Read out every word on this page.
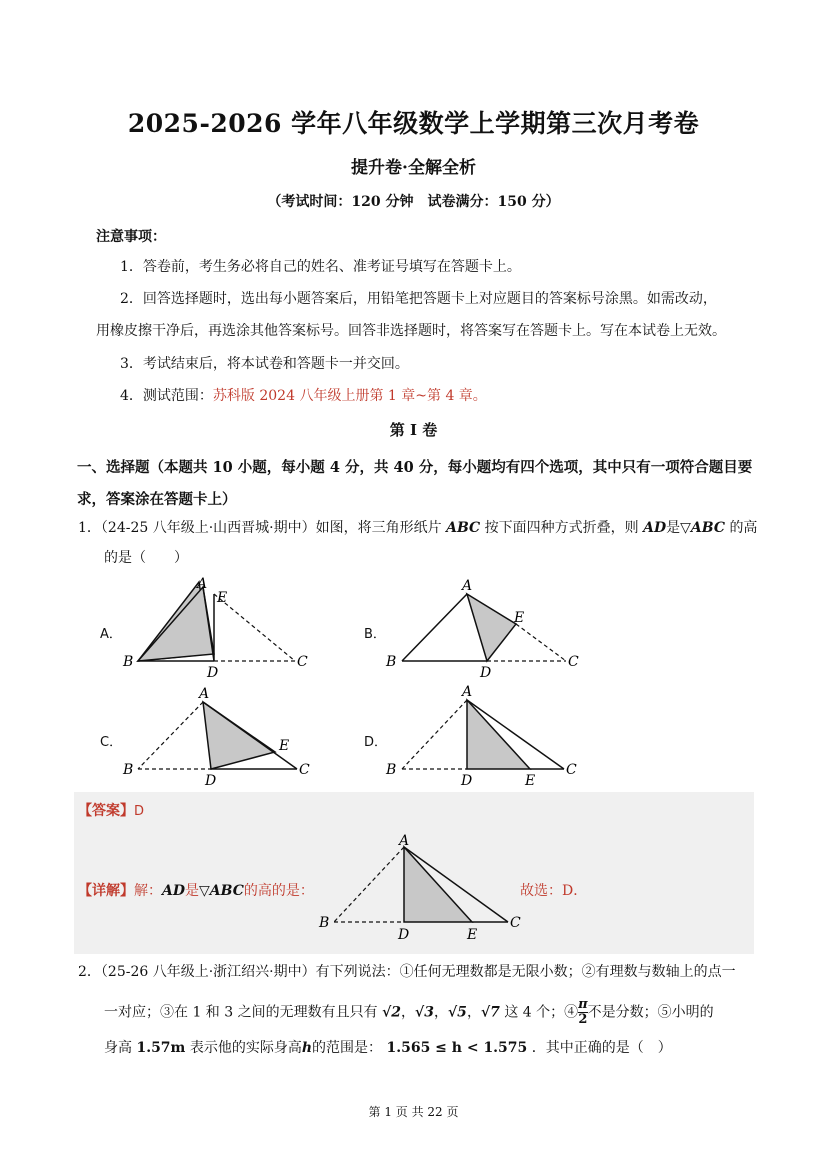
2025-2026 学年八年级数学上学期第三次月考卷
提升卷·全解全析
（考试时间：120 分钟　试卷满分：150 分）
注意事项：
1．答卷前，考生务必将自己的姓名、准考证号填写在答题卡上。
2．回答选择题时，选出每小题答案后，用铅笔把答题卡上对应题目的答案标号涂黑。如需改动，
用橡皮擦干净后，再选涂其他答案标号。回答非选择题时，将答案写在答题卡上。写在本试卷上无效。
3．考试结束后，将本试卷和答题卡一并交回。
4．测试范围：苏科版 2024 八年级上册第 1 章~第 4 章。
第 I 卷
一、选择题（本题共 10 小题，每小题 4 分，共 40 分，每小题均有四个选项，其中只有一项符合题目要求，答案涂在答题卡上）
1．（24-25 八年级上·山西晋城·期中）如图，将三角形纸片 ABC 按下面四种方式折叠，则 AD是▽ABC 的高
的是（　　）
A．	B．
C．	D．
A
E
B
D
C
A
E
B
D
C
A
E
B
D
C
A
B
D	E
C
【答案】D
【详解】解：AD是▽ABC的高的是：	故选：D．
A
B
D	E
C
2．（25-26 八年级上·浙江绍兴·期中）有下列说法：①任何无理数都是无限小数；②有理数与数轴上的点一
一对应；③在 1 和 3 之间的无理数有且只有 √2，√3，√5，√7 这 4 个；④ $\frac{\pi}{2}$ 不是分数；⑤小明的
身高 1.57m 表示他的实际身高h的范围是： 1.565 ≤ h < 1.575 ．其中正确的是（　）
第 1 页 共 22 页
